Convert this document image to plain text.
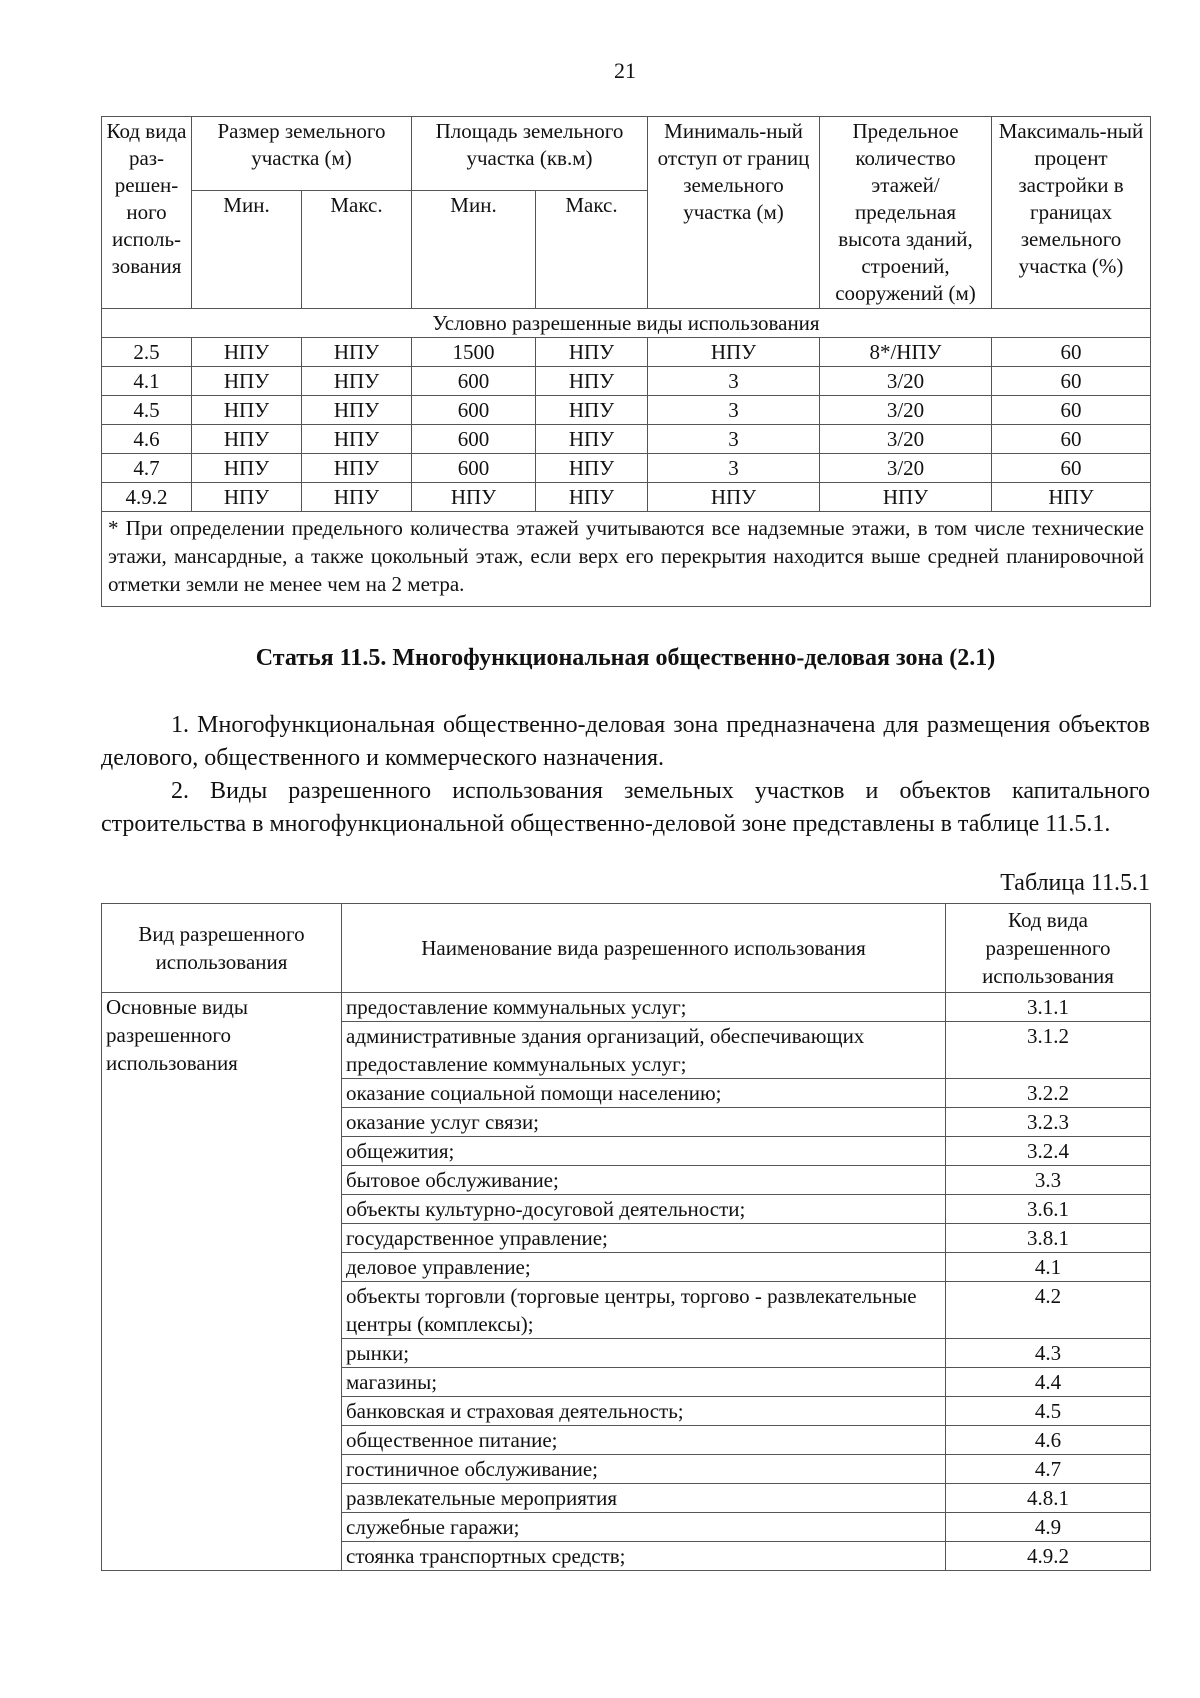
21
Код вида раз-решен-ного исполь-зования	Размер земельного участка (м)		Площадь земельного участка (кв.м)		Минималь-ный отступ от границ земельного участка (м)	Предельное количество этажей/ предельная высота зданий, строений, сооружений (м)	Максималь-ный процент застройки в границах земельного участка (%)
	Мин.	Макс.	Мин.	Макс.			
Условно разрешенные виды использования							
2.5	НПУ	НПУ	1500	НПУ	НПУ	8*/НПУ	60
4.1	НПУ	НПУ	600	НПУ	3	3/20	60
4.5	НПУ	НПУ	600	НПУ	3	3/20	60
4.6	НПУ	НПУ	600	НПУ	3	3/20	60
4.7	НПУ	НПУ	600	НПУ	3	3/20	60
4.9.2	НПУ	НПУ	НПУ	НПУ	НПУ	НПУ	НПУ
* При определении предельного количества этажей учитываются все надземные этажи, в том числе технические этажи, мансардные, а также цокольный этаж, если верх его перекрытия находится выше средней планировочной отметки земли не менее чем на 2 метра.							
Статья 11.5. Многофункциональная общественно-деловая зона (2.1)

1. Многофункциональная общественно-деловая зона предназначена для размещения объектов делового, общественного и коммерческого назначения.

2. Виды разрешенного использования земельных участков и объектов капитального строительства в многофункциональной общественно-деловой зоне представлены в таблице 11.5.1.

Таблица 11.5.1
Вид разрешенного использования	Наименование вида разрешенного использования	Код вида разрешенного использования
Основные виды разрешенного использования	предоставление коммунальных услуг;	3.1.1
	административные здания организаций, обеспечивающих предоставление коммунальных услуг;	3.1.2
	оказание социальной помощи населению;	3.2.2
	оказание услуг связи;	3.2.3
	общежития;	3.2.4
	бытовое обслуживание;	3.3
	объекты культурно-досуговой деятельности;	3.6.1
	государственное управление;	3.8.1
	деловое управление;	4.1
	объекты торговли (торговые центры, торгово - развлекательные центры (комплексы);	4.2
	рынки;	4.3
	магазины;	4.4
	банковская и страховая деятельность;	4.5
	общественное питание;	4.6
	гостиничное обслуживание;	4.7
	развлекательные мероприятия	4.8.1
	служебные гаражи;	4.9
	стоянка транспортных средств;	4.9.2
